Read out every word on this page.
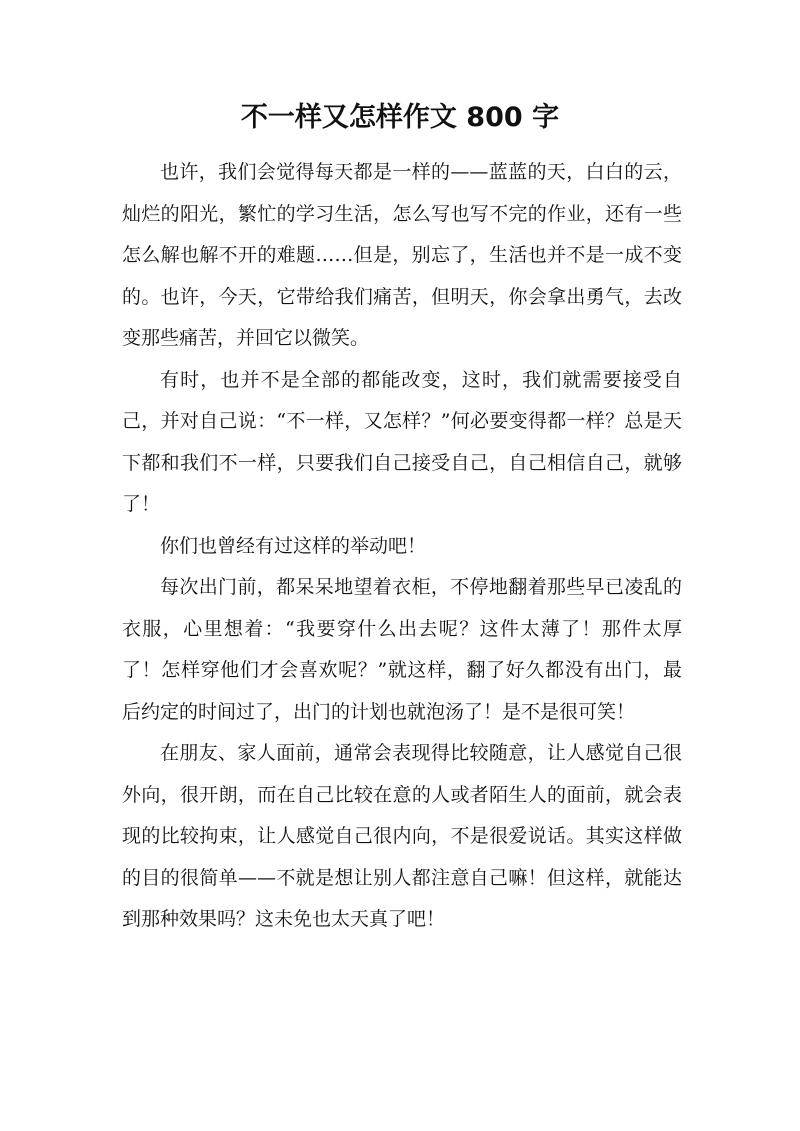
不一样又怎样作文 800 字

也许，我们会觉得每天都是一样的——蓝蓝的天，白白的云，灿烂的阳光，繁忙的学习生活，怎么写也写不完的作业，还有一些怎么解也解不开的难题……但是，别忘了，生活也并不是一成不变的。也许，今天，它带给我们痛苦，但明天，你会拿出勇气，去改变那些痛苦，并回它以微笑。

有时，也并不是全部的都能改变，这时，我们就需要接受自己，并对自己说：“不一样，又怎样？”何必要变得都一样？总是天下都和我们不一样，只要我们自己接受自己，自己相信自己，就够了！

你们也曾经有过这样的举动吧！

每次出门前，都呆呆地望着衣柜，不停地翻着那些早已凌乱的衣服，心里想着：“我要穿什么出去呢？这件太薄了！那件太厚了！怎样穿他们才会喜欢呢？”就这样，翻了好久都没有出门，最后约定的时间过了，出门的计划也就泡汤了！是不是很可笑！

在朋友、家人面前，通常会表现得比较随意，让人感觉自己很外向，很开朗，而在自己比较在意的人或者陌生人的面前，就会表现的比较拘束，让人感觉自己很内向，不是很爱说话。其实这样做的目的很简单——不就是想让别人都注意自己嘛！但这样，就能达到那种效果吗？这未免也太天真了吧！
